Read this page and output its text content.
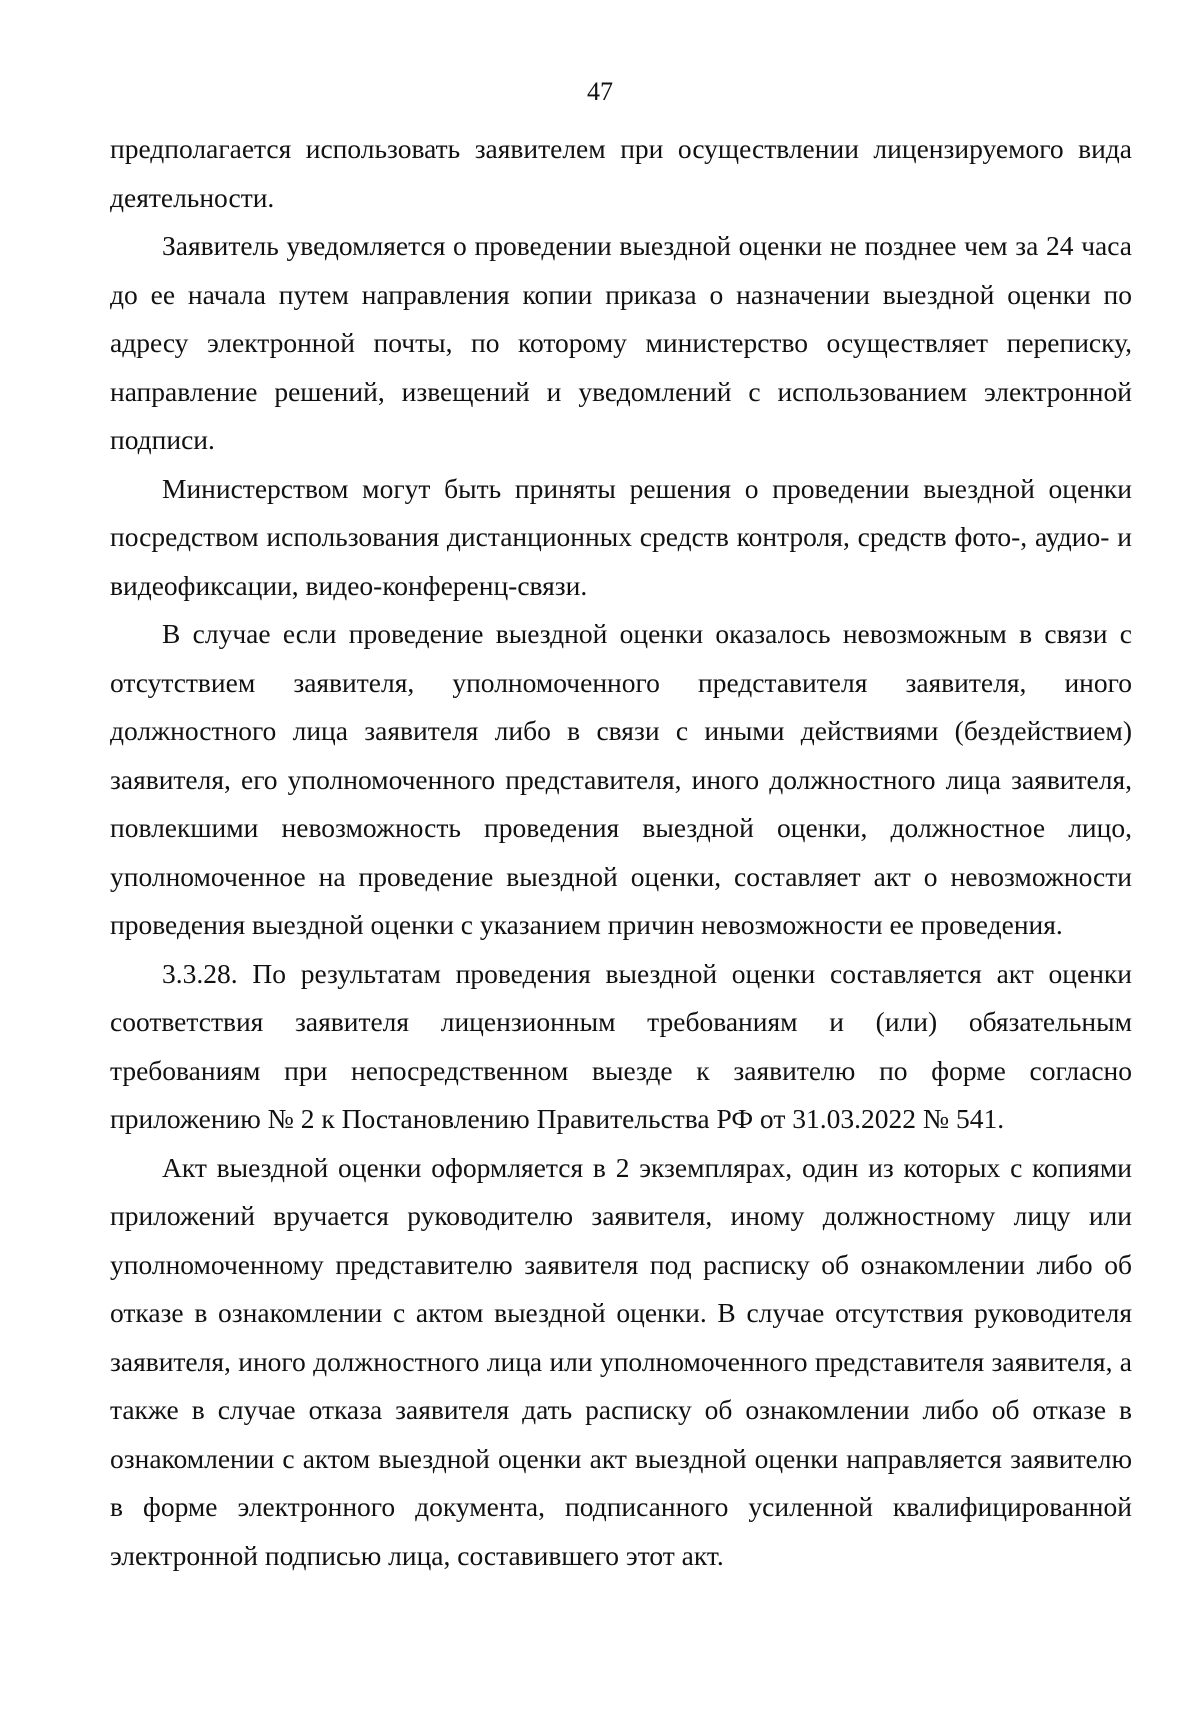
47

предполагается использовать заявителем при осуществлении лицензируемого вида деятельности.

Заявитель уведомляется о проведении выездной оценки не позднее чем за 24 часа до ее начала путем направления копии приказа о назначении выездной оценки по адресу электронной почты, по которому министерство осуществляет переписку, направление решений, извещений и уведомлений с использованием электронной подписи.

Министерством могут быть приняты решения о проведении выездной оценки посредством использования дистанционных средств контроля, средств фото-, аудио- и видеофиксации, видео-конференц-связи.

В случае если проведение выездной оценки оказалось невозможным в связи с отсутствием заявителя, уполномоченного представителя заявителя, иного должностного лица заявителя либо в связи с иными действиями (бездействием) заявителя, его уполномоченного представителя, иного должностного лица заявителя, повлекшими невозможность проведения выездной оценки, должностное лицо, уполномоченное на проведение выездной оценки, составляет акт о невозможности проведения выездной оценки с указанием причин невозможности ее проведения.

3.3.28. По результатам проведения выездной оценки составляется акт оценки соответствия заявителя лицензионным требованиям и (или) обязательным требованиям при непосредственном выезде к заявителю по форме согласно приложению № 2 к Постановлению Правительства РФ от 31.03.2022 № 541.

Акт выездной оценки оформляется в 2 экземплярах, один из которых с копиями приложений вручается руководителю заявителя, иному должностному лицу или уполномоченному представителю заявителя под расписку об ознакомлении либо об отказе в ознакомлении с актом выездной оценки. В случае отсутствия руководителя заявителя, иного должностного лица или уполномоченного представителя заявителя, а также в случае отказа заявителя дать расписку об ознакомлении либо об отказе в ознакомлении с актом выездной оценки акт выездной оценки направляется заявителю в форме электронного документа, подписанного усиленной квалифицированной электронной подписью лица, составившего этот акт.
